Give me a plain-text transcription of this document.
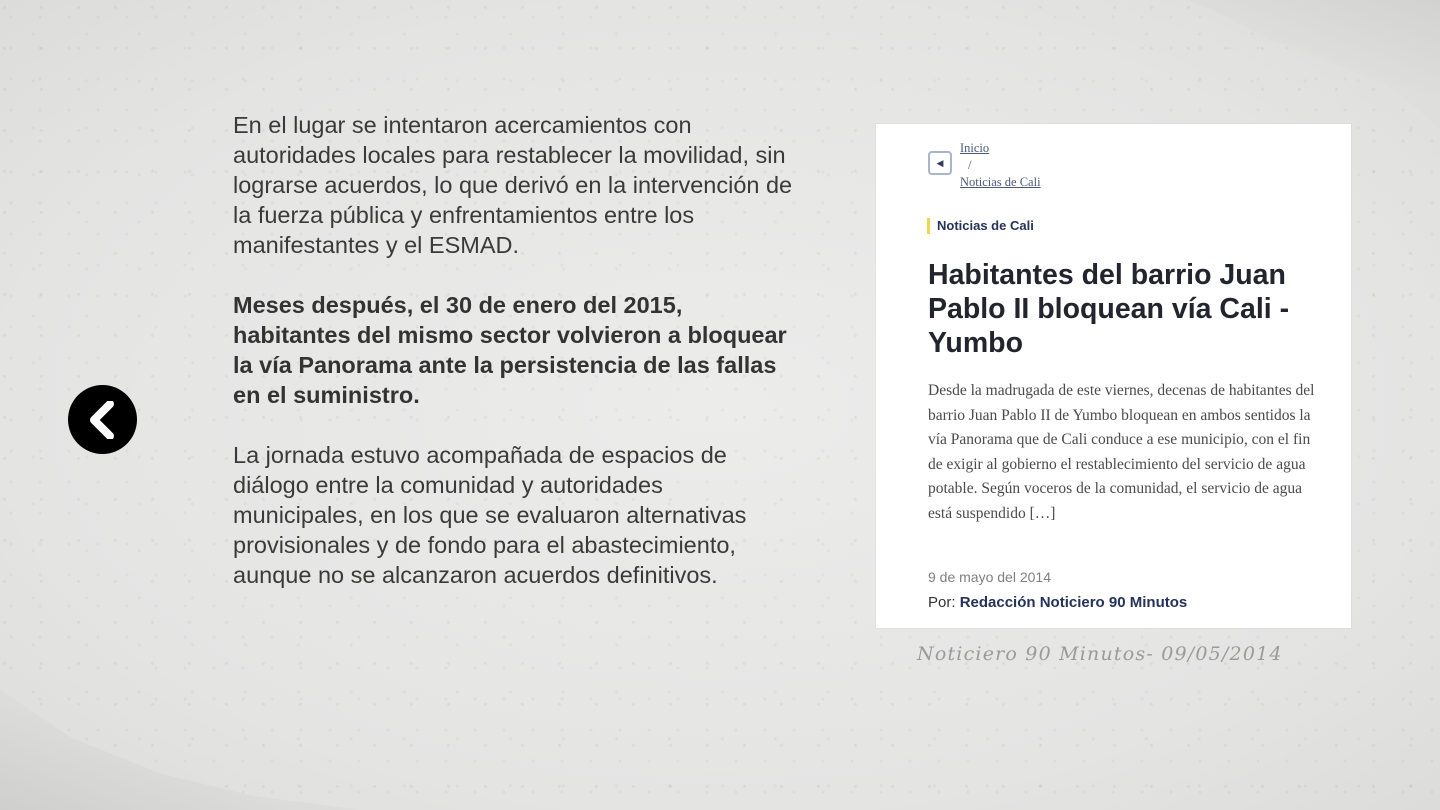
En el lugar se intentaron acercamientos con autoridades locales para restablecer la movilidad, sin lograrse acuerdos, lo que derivó en la intervención de la fuerza pública y enfrentamientos entre los manifestantes y el ESMAD.

Meses después, el 30 de enero del 2015, habitantes del mismo sector volvieron a bloquear la vía Panorama ante la persistencia de las fallas en el suministro.

La jornada estuvo acompañada de espacios de diálogo entre la comunidad y autoridades municipales, en los que se evaluaron alternativas provisionales y de fondo para el abastecimiento, aunque no se alcanzaron acuerdos definitivos.

◀
Inicio
/
Noticias de Cali
Noticias de Cali
Habitantes del barrio Juan Pablo II bloquean vía Cali - Yumbo
Desde la madrugada de este viernes, decenas de habitantes del barrio Juan Pablo II de Yumbo bloquean en ambos sentidos la vía Panorama que de Cali conduce a ese municipio, con el fin de exigir al gobierno el restablecimiento del servicio de agua potable. Según voceros de la comunidad, el servicio de agua está suspendido […]
9 de mayo del 2014
Por: Redacción Noticiero 90 Minutos
Noticiero 90 Minutos- 09/05/2014
